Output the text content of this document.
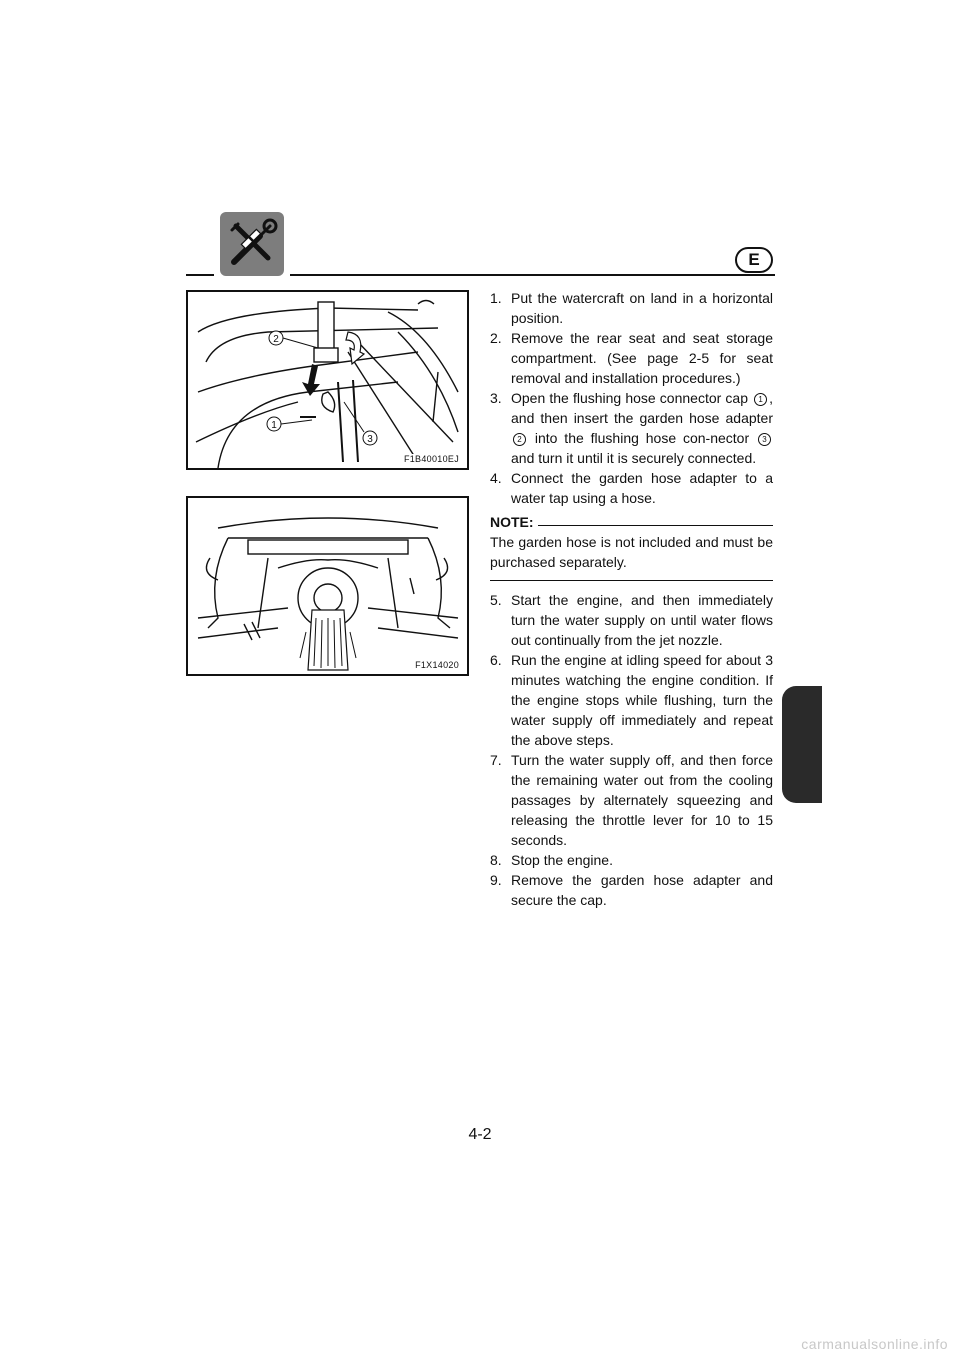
E
2
1
3
F1B40010EJ
F1X14020
1. Put the watercraft on land in a horizontal position.
2. Remove the rear seat and seat storage compartment. (See page 2-5 for seat removal and installation procedures.)
3. Open the flushing hose connector cap 1 , and then insert the garden hose adapter 2 into the flushing hose con-nector 3 and turn it until it is securely connected.
4. Connect the garden hose adapter to a water tap using a hose.
NOTE:

The garden hose is not included and must be purchased separately.

5. Start the engine, and then immediately turn the water supply on until water flows out continually from the jet nozzle.
6. Run the engine at idling speed for about 3 minutes watching the engine condition. If the engine stops while flushing, turn the water supply off immediately and repeat the above steps.
7. Turn the water supply off, and then force the remaining water out from the cooling passages by alternately squeezing and releasing the throttle lever for 10 to 15 seconds.
8. Stop the engine.
9. Remove the garden hose adapter and secure the cap.
4-2
carmanualsonline.info
